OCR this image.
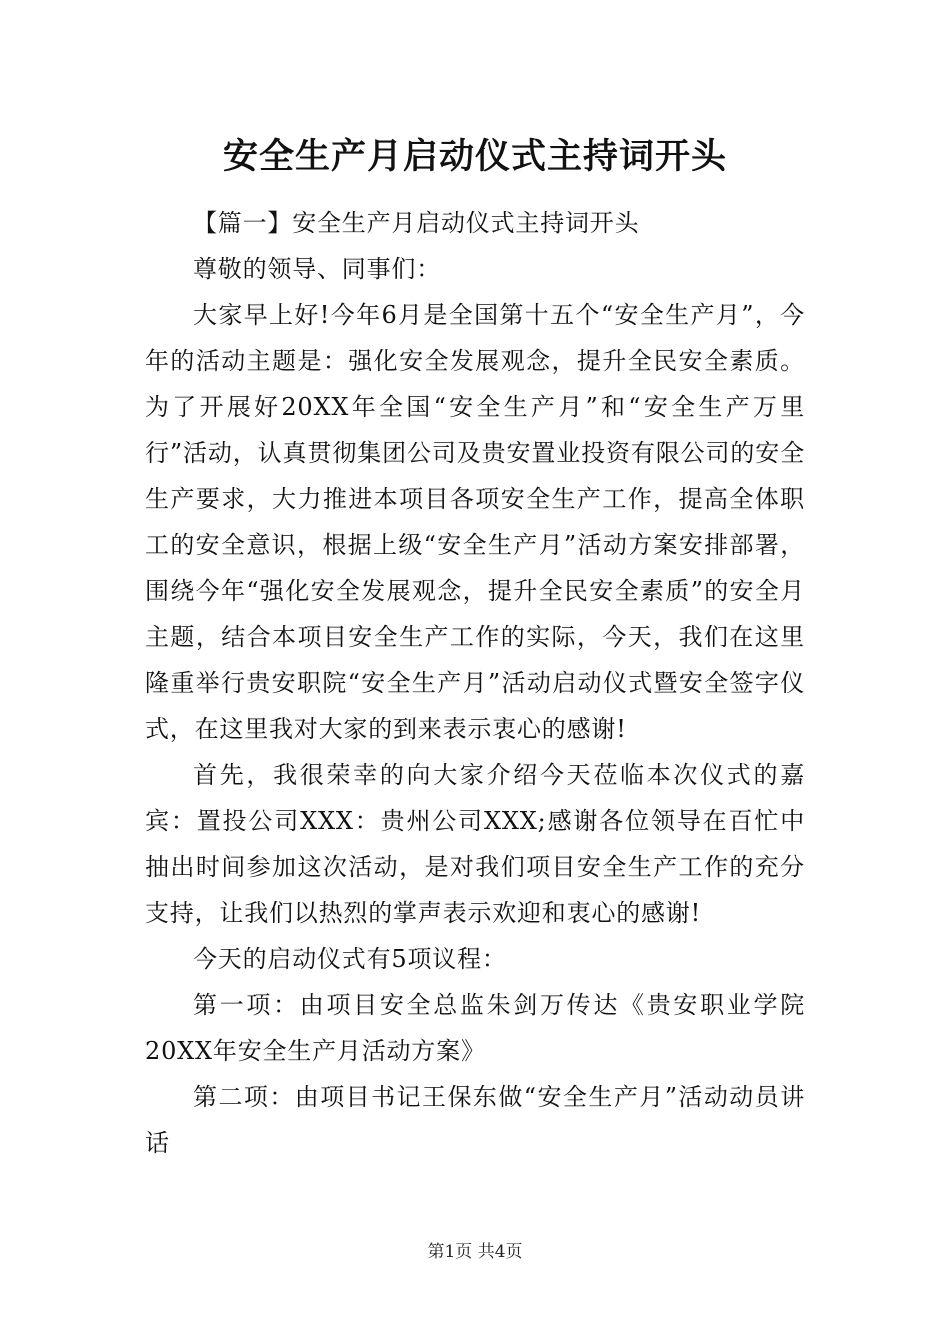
安全生产月启动仪式主持词开头

【篇一】安全生产月启动仪式主持词开头

尊敬的领导、同事们：

大家早上好!今年6月是全国第十五个“安全生产月”，今年的活动主题是：强化安全发展观念，提升全民安全素质。为了开展好20XX年全国“安全生产月”和“安全生产万里行”活动，认真贯彻集团公司及贵安置业投资有限公司的安全生产要求，大力推进本项目各项安全生产工作，提高全体职工的安全意识，根据上级“安全生产月”活动方案安排部署，围绕今年“强化安全发展观念，提升全民安全素质”的安全月主题，结合本项目安全生产工作的实际，今天，我们在这里隆重举行贵安职院“安全生产月”活动启动仪式暨安全签字仪式，在这里我对大家的到来表示衷心的感谢!

首先，我很荣幸的向大家介绍今天莅临本次仪式的嘉宾：置投公司XXX：贵州公司XXX;感谢各位领导在百忙中抽出时间参加这次活动，是对我们项目安全生产工作的充分支持，让我们以热烈的掌声表示欢迎和衷心的感谢!

今天的启动仪式有5项议程：

第一项：由项目安全总监朱剑万传达《贵安职业学院20XX年安全生产月活动方案》

第二项：由项目书记王保东做“安全生产月”活动动员讲话

第1页 共4页
